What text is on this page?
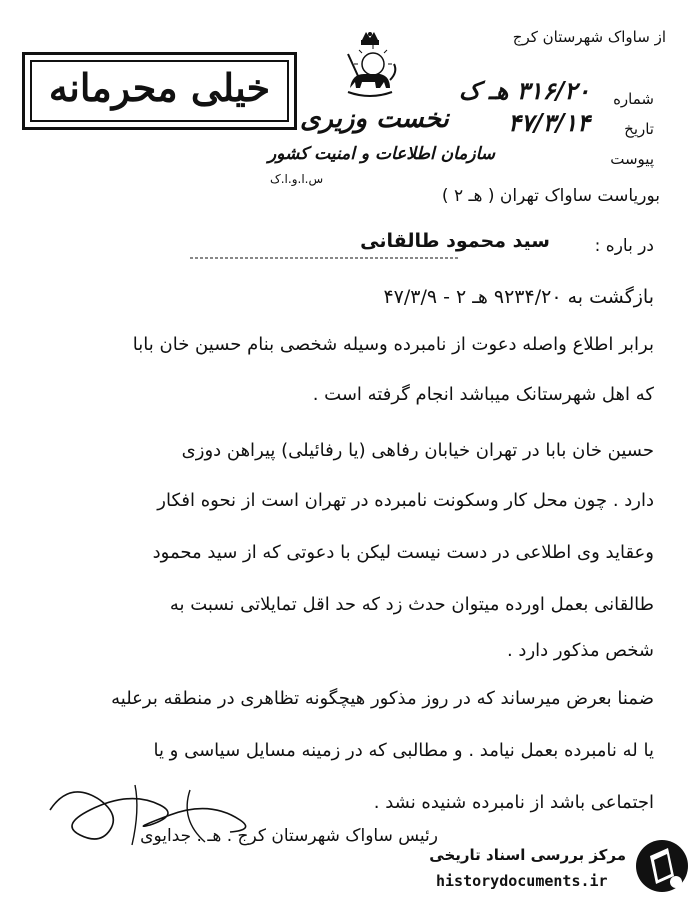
از ساواک شهرستان کرج
شماره
۳۱۶/۲۰ هـ ک
تاریخ
۴۷/۳/۱۴
پیوست
بوریاست ساواک تهران ( هـ ۲ )
خیلی محرمانه
نخست وزیری
سازمان اطلاعات و امنیت کشور
س.ا.و.ا.ک
در باره :
سید محمود طالقانی
بازگشت به ۹۲۳۴/۲۰ هـ ۲ - ۴۷/۳/۹
برابر اطلاع واصله دعوت از نامبرده وسیله شخصی بنام حسین خان بابا
که اهل شهرستانک میباشد انجام گرفته است .
حسین خان بابا در تهران خیابان رفاهی (یا رفائیلی) پیراهن دوزی
دارد . چون محل کار وسکونت نامبرده در تهران است از نحوه افکار
وعقاید وی اطلاعی در دست نیست لیکن با دعوتی که از سید محمود
طالقانی بعمل اورده میتوان حدث زد که حد اقل تمایلاتی نسبت به
شخص مذکور دارد .
ضمنا بعرض میرساند که در روز مذکور هیچگونه تظاهری در منطقه برعلیه
یا له نامبرده بعمل نیامد . و مطالبی که در زمینه مسایل سیاسی و یا
اجتماعی باشد از نامبرده شنیده نشد .
رئیس ساواک شهرستان کرج . هـ . جدایوی
مرکز بررسی اسناد تاریخی
historydocuments.ir
